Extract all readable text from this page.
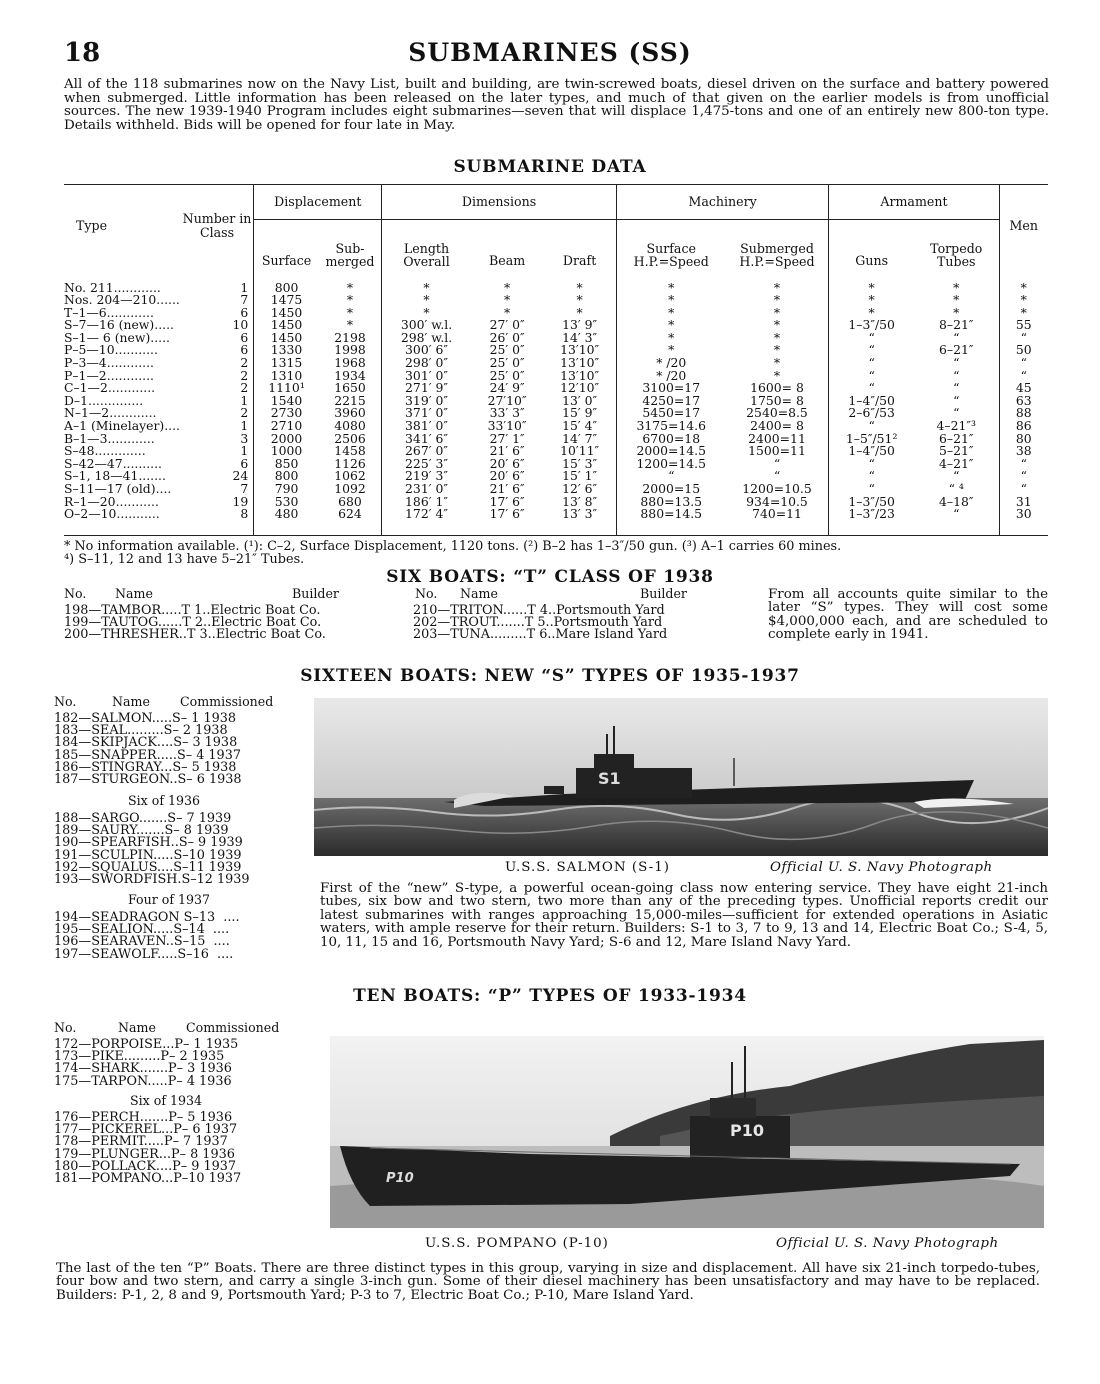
18	SUBMARINES (SS)
All of the 118 submarines now on the Navy List, built and building, are twin-screwed boats, diesel driven on the surface and battery powered when submerged. Little information has been released on the later types, and much of that given on the earlier models is from unofficial sources. The new 1939-1940 Program includes eight submarines—seven that will displace 1,475-tons and one of an entirely new 800-ton type. Details withheld. Bids will be opened for four late in May.
SUBMARINE DATA
Type	Number in Class	Displacement		Dimensions			Machinery		Armament		Men
		Surface	Sub-merged	Length Overall	Beam	Draft	Surface H.P.=Speed	Submerged H.P.=Speed	Guns	Torpedo Tubes	
No. 211............	1	800	*	*	*	*	*	*	*	*	*
Nos. 204—210......	7	1475	*	*	*	*	*	*	*	*	*
T–1—6............	6	1450	*	*	*	*	*	*	*	*	*
S–7—16 (new).....	10	1450	*	300′ w.l.	27′ 0″	13′ 9″	*	*	1–3″/50	8–21″	55
S–1— 6 (new).....	6	1450	2198	298′ w.l.	26′ 0″	14′ 3″	*	*	“	“	“
P–5—10...........	6	1330	1998	300′ 6″	25′ 0″	13′10″	*	*	“	6–21″	50
P–3—4............	2	1315	1968	298′ 0″	25′ 0″	13′10″	* /20	*	“	“	“
P–1—2............	2	1310	1934	301′ 0″	25′ 0″	13′10″	* /20	*	“	“	“
C–1—2............	2	1110¹	1650	271′ 9″	24′ 9″	12′10″	3100=17	1600= 8	“	“	45
D–1..............	1	1540	2215	319′ 0″	27′10″	13′ 0″	4250=17	1750= 8	1–4″/50	“	63
N–1—2............	2	2730	3960	371′ 0″	33′ 3″	15′ 9″	5450=17	2540=8.5	2–6″/53	“	88
A–1 (Minelayer)....	1	2710	4080	381′ 0″	33′10″	15′ 4″	3175=14.6	2400= 8	“	4–21″³	86
B–1—3............	3	2000	2506	341′ 6″	27′ 1″	14′ 7″	6700=18	2400=11	1–5″/51²	6–21″	80
S–48.............	1	1000	1458	267′ 0″	21′ 6″	10′11″	2000=14.5	1500=11	1–4″/50	5–21″	38
S–42—47..........	6	850	1126	225′ 3″	20′ 6″	15′ 3″	1200=14.5	“	“	4–21″	“
S–1, 18—41.......	24	800	1062	219′ 3″	20′ 6″	15′ 1″	“	“	“	“	“
S–11—17 (old)....	7	790	1092	231′ 0″	21′ 6″	12′ 6″	2000=15	1200=10.5	“	“ ⁴	“
R–1—20...........	19	530	680	186′ 1″	17′ 6″	13′ 8″	880=13.5	934=10.5	1–3″/50	4–18″	31
O–2—10...........	8	480	624	172′ 4″	17′ 6″	13′ 3″	880=14.5	740=11	1–3″/23	“	30
* No information available. (¹): C–2, Surface Displacement, 1120 tons. (²) B–2 has 1–3″/50 gun. (³) A–1 carries 60 mines.
⁴) S–11, 12 and 13 have 5–21″ Tubes.
SIX BOATS: “T” CLASS OF 1938
No. Name	Builder	No. Name	Builder
198—TAMBOR.....T 1..Electric Boat Co.
199—TAUTOG......T 2..Electric Boat Co.
200—THRESHER..T 3..Electric Boat Co.
210—TRITON......T 4..Portsmouth Yard
202—TROUT.......T 5..Portsmouth Yard
203—TUNA.........T 6..Mare Island Yard
From all accounts quite similar to the later “S” types. They will cost some $4,000,000 each, and are scheduled to complete early in 1941.
SIXTEEN BOATS: NEW “S” TYPES OF 1935-1937
No.	Name Commissioned
182—SALMON.....S– 1 1938
183—SEAL.........S– 2 1938
184—SKIPJACK....S– 3 1938
185—SNAPPER.....S– 4 1937
186—STINGRAY...S– 5 1938
187—STURGEON..S– 6 1938
Six of 1936
188—SARGO.......S– 7 1939
189—SAURY.......S– 8 1939
190—SPEARFISH..S– 9 1939
191—SCULPIN.....S–10 1939
192—SQUALUS....S–11 1939
193—SWORDFISH.S–12 1939
Four of 1937
194—SEADRAGON S–13  ....
195—SEALION.....S–14  ....
196—SEARAVEN..S–15  ....
197—SEAWOLF.....S–16  ....
S1
U.S.S. SALMON (S-1)	Official U. S. Navy Photograph
First of the “new” S-type, a powerful ocean-going class now entering service. They have eight 21-inch tubes, six bow and two stern, two more than any of the preceding types. Unofficial reports credit our latest submarines with ranges approaching 15,000-miles—sufficient for extended operations in Asiatic waters, with ample reserve for their return. Builders: S-1 to 3, 7 to 9, 13 and 14, Electric Boat Co.; S-4, 5, 10, 11, 15 and 16, Portsmouth Navy Yard; S-6 and 12, Mare Island Navy Yard.
TEN BOATS: “P” TYPES OF 1933-1934
No.	Name Commissioned
172—PORPOISE...P– 1 1935
173—PIKE.........P– 2 1935
174—SHARK.......P– 3 1936
175—TARPON.....P– 4 1936
Six of 1934
176—PERCH.......P– 5 1936
177—PICKEREL...P– 6 1937
178—PERMIT.....P– 7 1937
179—PLUNGER...P– 8 1936
180—POLLACK....P– 9 1937
181—POMPANO...P–10 1937	P10
P10
U.S.S. POMPANO (P-10)	Official U. S. Navy Photograph
The last of the ten “P” Boats. There are three distinct types in this group, varying in size and displacement. All have six 21-inch torpedo-tubes, four bow and two stern, and carry a single 3-inch gun. Some of their diesel machinery has been unsatisfactory and may have to be replaced. Builders: P-1, 2, 8 and 9, Portsmouth Yard; P-3 to 7, Electric Boat Co.; P-10, Mare Island Yard.
